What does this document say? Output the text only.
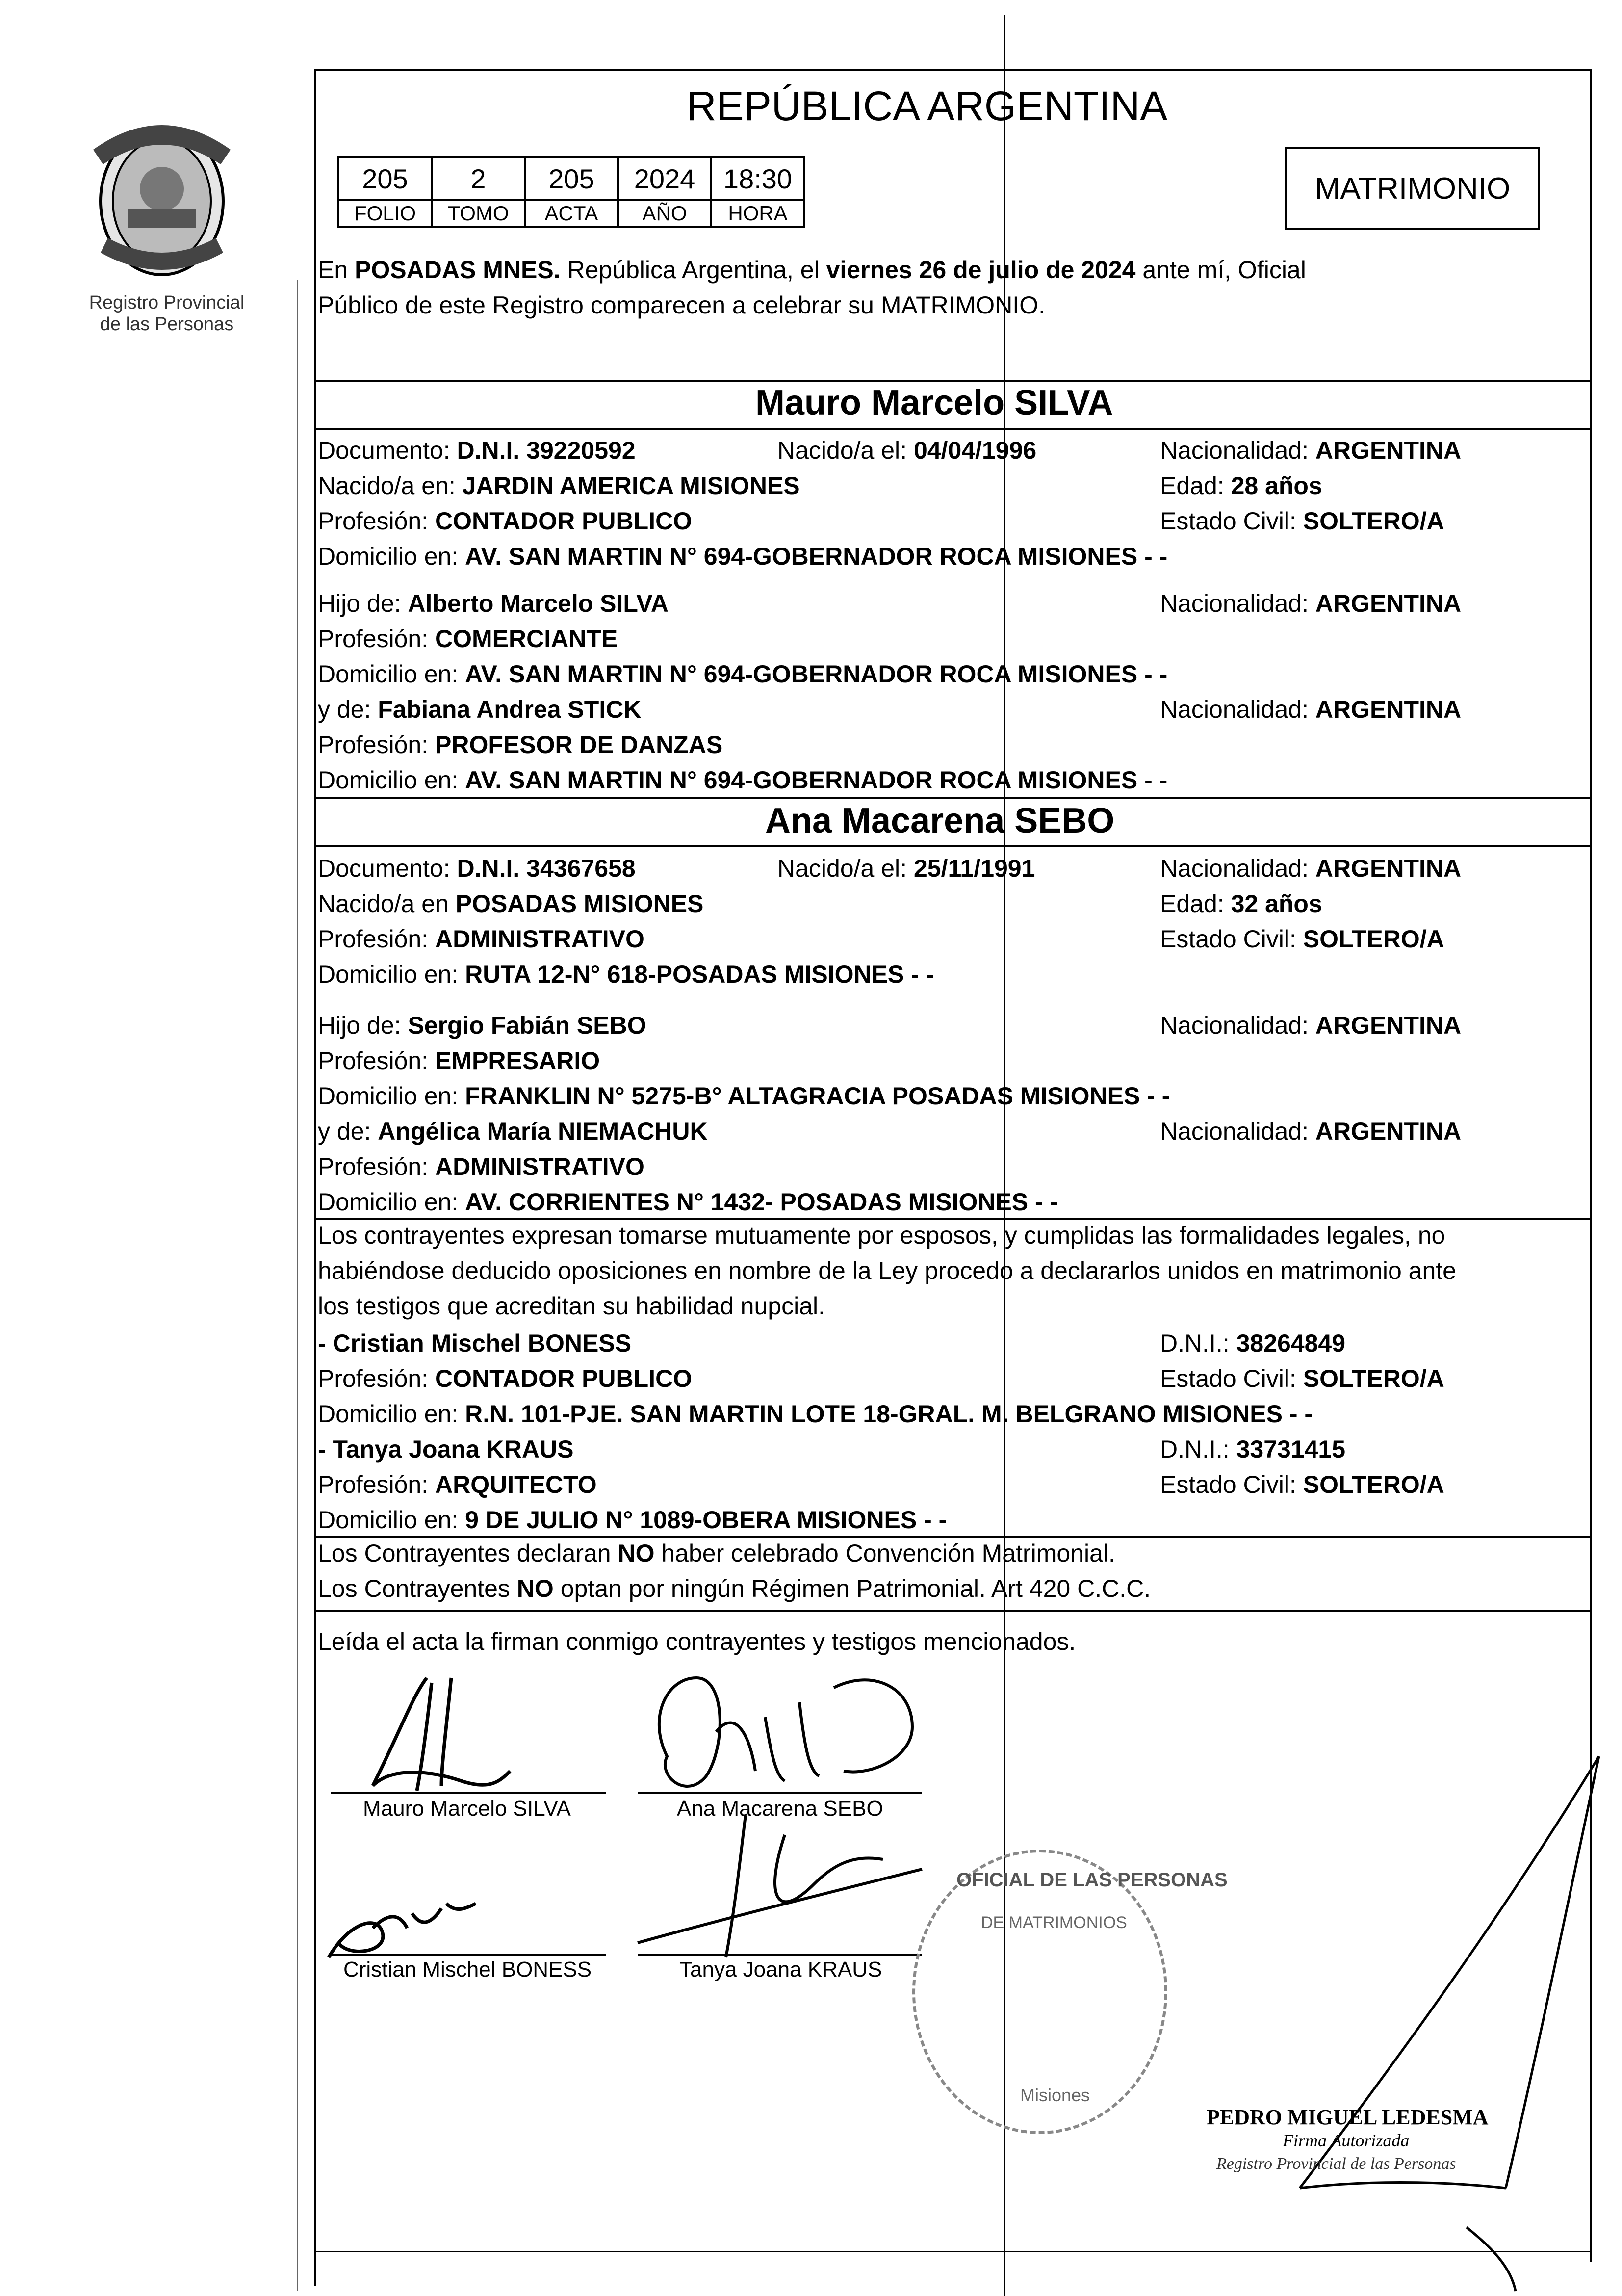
Registro Provincial
de las Personas
REPÚBLICA ARGENTINA
205	2	205	2024	18:30
FOLIO	TOMO	ACTA	AÑO	HORA
MATRIMONIO
En POSADAS MNES. República Argentina, el viernes 26 de julio de 2024 ante mí, Oficial
Público de este Registro comparecen a celebrar su MATRIMONIO.
Mauro Marcelo SILVA
Documento: D.N.I. 39220592	Nacido/a el: 04/04/1996	Nacionalidad: ARGENTINA
Nacido/a en: JARDIN AMERICA MISIONES	Edad: 28 años
Profesión: CONTADOR PUBLICO	Estado Civil: SOLTERO/A
Domicilio en: AV. SAN MARTIN N° 694-GOBERNADOR ROCA MISIONES - -
Hijo de: Alberto Marcelo SILVA	Nacionalidad: ARGENTINA
Profesión: COMERCIANTE
Domicilio en: AV. SAN MARTIN N° 694-GOBERNADOR ROCA MISIONES - -
y de: Fabiana Andrea STICK	Nacionalidad: ARGENTINA
Profesión: PROFESOR DE DANZAS
Domicilio en: AV. SAN MARTIN N° 694-GOBERNADOR ROCA MISIONES - -
Ana Macarena SEBO
Documento: D.N.I. 34367658	Nacido/a el: 25/11/1991	Nacionalidad: ARGENTINA
Nacido/a en POSADAS MISIONES	Edad: 32 años
Profesión: ADMINISTRATIVO	Estado Civil: SOLTERO/A
Domicilio en: RUTA 12-N° 618-POSADAS MISIONES - -
Hijo de: Sergio Fabián SEBO	Nacionalidad: ARGENTINA
Profesión: EMPRESARIO
Domicilio en: FRANKLIN N° 5275-B° ALTAGRACIA POSADAS MISIONES - -
y de: Angélica María NIEMACHUK	Nacionalidad: ARGENTINA
Profesión: ADMINISTRATIVO
Domicilio en: AV. CORRIENTES N° 1432- POSADAS MISIONES - -
Los contrayentes expresan tomarse mutuamente por esposos, y cumplidas las formalidades legales, no
habiéndose deducido oposiciones en nombre de la Ley procedo a declararlos unidos en matrimonio ante
los testigos que acreditan su habilidad nupcial.
- Cristian Mischel BONESS	D.N.I.: 38264849
Profesión: CONTADOR PUBLICO	Estado Civil: SOLTERO/A
Domicilio en: R.N. 101-PJE. SAN MARTIN LOTE 18-GRAL. M. BELGRANO MISIONES - -
- Tanya Joana KRAUS	D.N.I.: 33731415
Profesión: ARQUITECTO	Estado Civil: SOLTERO/A
Domicilio en: 9 DE JULIO N° 1089-OBERA MISIONES - -
Los Contrayentes declaran NO haber celebrado Convención Matrimonial.
Los Contrayentes NO optan por ningún Régimen Patrimonial. Art 420 C.C.C.
Leída el acta la firman conmigo contrayentes y testigos mencionados.
Mauro Marcelo SILVA	Ana Macarena SEBO
Cristian Mischel BONESS	Tanya Joana KRAUS
OFICIAL DE LAS PERSONAS
DE MATRIMONIOS
Misiones
PEDRO MIGUEL LEDESMA
Firma Autorizada
Registro Provincial de las Personas
